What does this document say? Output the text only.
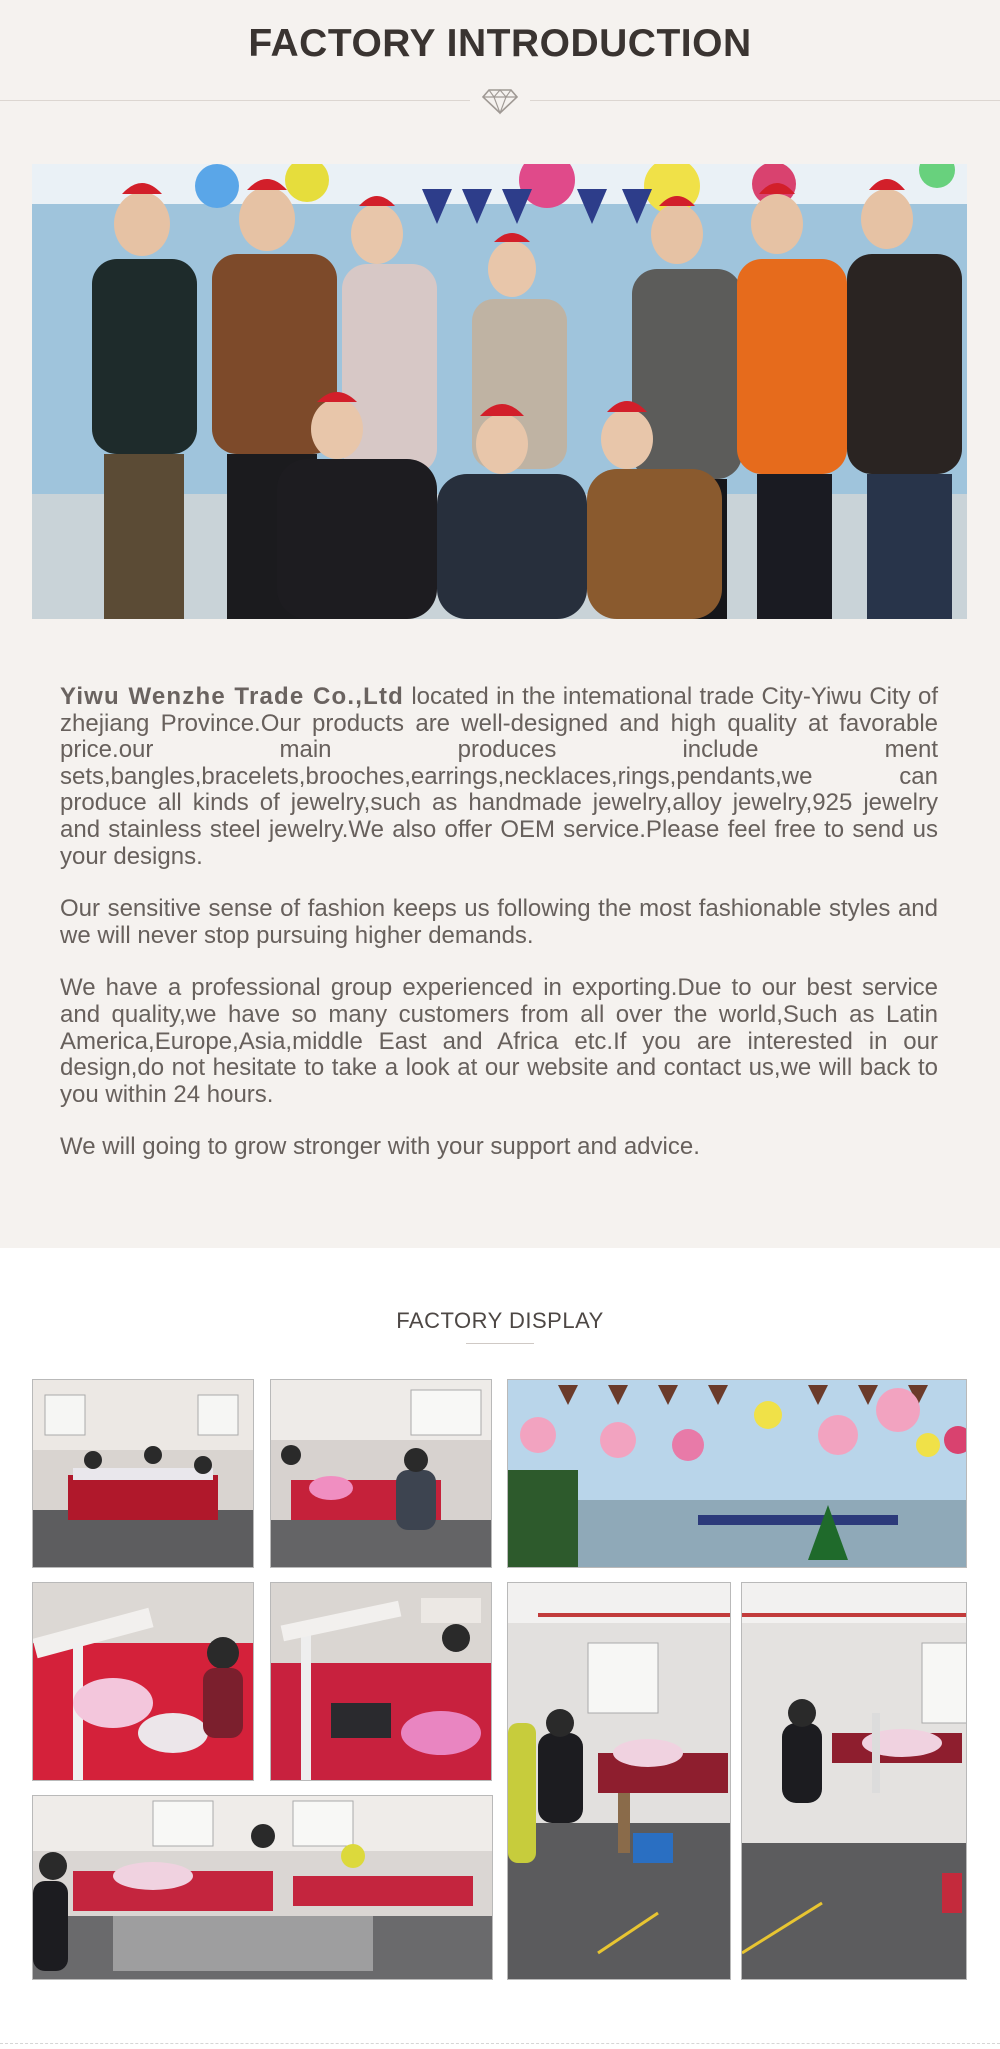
FACTORY INTRODUCTION

Yiwu Wenzhe Trade Co.,Ltd located in the intemational trade City-Yiwu City of zhejiang Province.Our products are well-designed and high quality at favorable price.our main produces include ment sets,bangles,bracelets,brooches,earrings,necklaces,rings,pendants,we can produce all kinds of jewelry,such as handmade jewelry,alloy jewelry,925 jewelry and stainless steel jewelry.We also offer OEM service.Please feel free to send us your designs.

Our sensitive sense of fashion keeps us following the most fashionable styles and we will never stop pursuing higher demands.

We have a professional group experienced in exporting.Due to our best service and quality,we have so many customers from all over the world,Such as Latin America,Europe,Asia,middle East and Africa etc.If you are interested in our design,do not hesitate to take a look at our website and contact us,we will back to you within 24 hours.

We will going to grow stronger with your support and advice.

FACTORY DISPLAY
